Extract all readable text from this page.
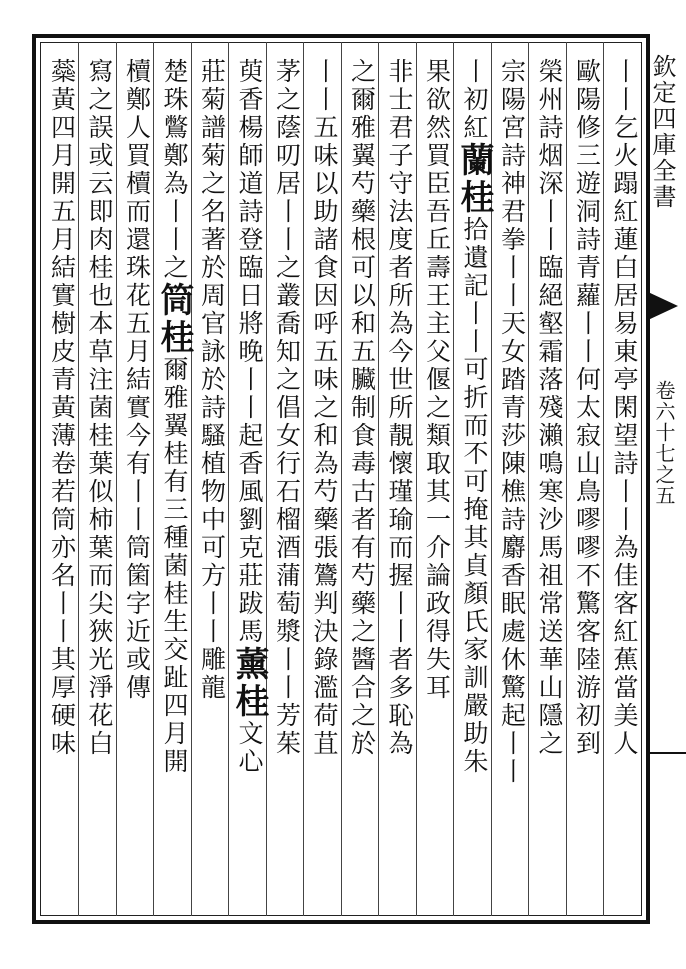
欽定四庫全書
卷六十七之五
丨丨乞火蹋紅蓮白居易東亭閑望詩丨丨為佳客紅蕉當美人
歐陽修三遊洞詩青蘿丨丨何太寂山鳥嘐嘐不驚客陸游初到
榮州詩烟深丨丨臨絕壑霜落殘瀨鳴寒沙馬祖常送華山隱之
宗陽宮詩神君拳丨丨天女踏青莎陳樵詩麝香眠處休驚起丨丨
丨初紅蘭桂拾遺記丨丨可折而不可掩其貞顏氏家訓嚴助朱
果欲然買臣吾丘壽王主父偃之類取其一介論政得失耳
非士君子守法度者所為今世所靚懷瑾瑜而握丨丨者多恥為
之爾雅翼芍藥根可以和五臟制食毒古者有芍藥之醬合之於
丨丨五味以助諸食因呼五味之和為芍藥張鷟判決錄濫荷苴
茅之蔭叨居丨丨之叢喬知之倡女行石榴酒蒲萄漿丨丨芳茱
萸香楊師道詩登臨日將晚丨丨起香風劉克莊跋馬薰桂文心
莊菊譜菊之名著於周官詠於詩騷植物中可方丨丨雕龍
楚珠鷩鄭為丨丨之筒桂爾雅翼桂有三種菌桂生交趾四月開
櫝鄭人買櫝而還珠花五月結實今有丨丨筒箘字近或傳
寫之誤或云即肉桂也本草注菌桂葉似柿葉而尖狹光淨花白
蘂黃四月開五月結實樹皮青黃薄卷若筒亦名丨丨其厚硬味
